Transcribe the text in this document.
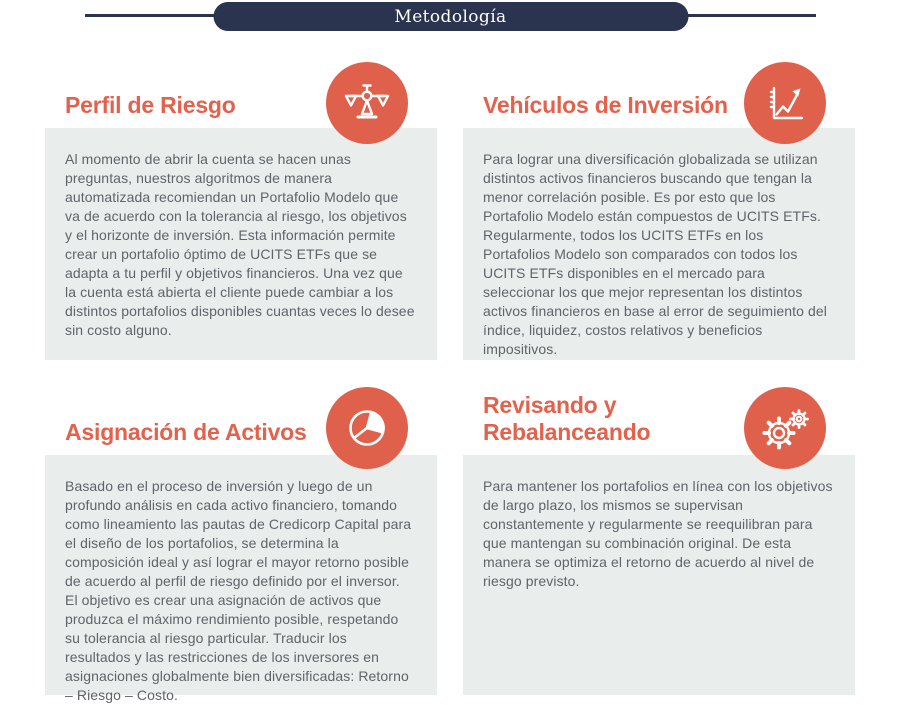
Metodología
Perfil de Riesgo

Al momento de abrir la cuenta se hacen unas preguntas, nuestros algoritmos de manera automatizada recomiendan un Portafolio Modelo que va de acuerdo con la tolerancia al riesgo, los objetivos y el horizonte de inversión. Esta información permite crear un portafolio óptimo de UCITS ETFs que se adapta a tu perfil y objetivos financieros. Una vez que la cuenta está abierta el cliente puede cambiar a los distintos portafolios disponibles cuantas veces lo desee sin costo alguno.

Asignación de Activos

Basado en el proceso de inversión y luego de un profundo análisis en cada activo financiero, tomando como lineamiento las pautas de Credicorp Capital para el diseño de los portafolios, se determina la composición ideal y así lograr el mayor retorno posible de acuerdo al perfil de riesgo definido por el inversor. El objetivo es crear una asignación de activos que produzca el máximo rendimiento posible, respetando su tolerancia al riesgo particular. Traducir los resultados y las restricciones de los inversores en asignaciones globalmente bien diversificadas: Retorno – Riesgo – Costo.

Vehículos de Inversión

Para lograr una diversificación globalizada se utilizan distintos activos financieros buscando que tengan la menor correlación posible. Es por esto que los Portafolio Modelo están compuestos de UCITS ETFs. Regularmente, todos los UCITS ETFs en los Portafolios Modelo son comparados con todos los UCITS ETFs disponibles en el mercado para seleccionar los que mejor representan los distintos activos financieros en base al error de seguimiento del índice, liquidez, costos relativos y beneficios impositivos.

Revisando y Rebalanceando

Para mantener los portafolios en línea con los objetivos de largo plazo, los mismos se supervisan constantemente y regularmente se reequilibran para que mantengan su combinación original. De esta manera se optimiza el retorno de acuerdo al nivel de riesgo previsto.
